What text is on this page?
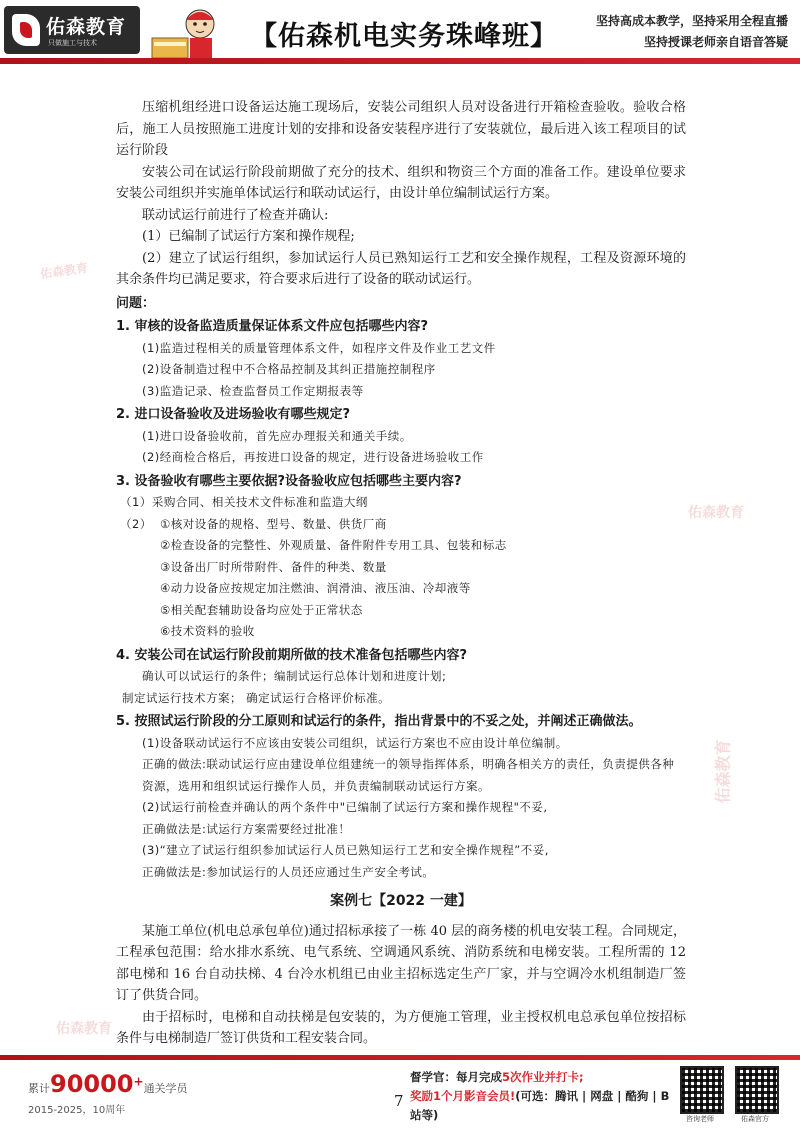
佑森教育
只做施工与技术	【佑森机电实务珠峰班】	坚持高成本教学，坚持采用全程直播
坚持授课老师亲自语音答疑
佑森教育
佑森教育
佑森教育
佑森教育

压缩机组经进口设备运达施工现场后，安装公司组织人员对设备进行开箱检查验收。验收合格后，施工人员按照施工进度计划的安排和设备安装程序进行了安装就位，最后进入该工程项目的试运行阶段

安装公司在试运行阶段前期做了充分的技术、组织和物资三个方面的准备工作。建设单位要求安装公司组织并实施单体试运行和联动试运行，由设计单位编制试运行方案。

联动试运行前进行了检查并确认:

(1）已编制了试运行方案和操作规程;

(2）建立了试运行组织，参加试运行人员已熟知运行工艺和安全操作规程，工程及资源环境的其余条件均已满足要求，符合要求后进行了设备的联动试运行。

问题：

1. 审核的设备监造质量保证体系文件应包括哪些内容?

(1)监造过程相关的质量管理体系文件，如程序文件及作业工艺文件

(2)设备制造过程中不合格品控制及其纠正措施控制程序

(3)监造记录、检查监督员工作定期报表等

2. 进口设备验收及进场验收有哪些规定?

(1)进口设备验收前，首先应办理报关和通关手续。

(2)经商检合格后，再按进口设备的规定，进行设备进场验收工作

3. 设备验收有哪些主要依据?设备验收应包括哪些主要内容?

（1）采购合同、相关技术文件标准和监造大纲

（2） ①核对设备的规格、型号、数量、供货厂商

②检查设备的完整性、外观质量、备件附件专用工具、包装和标志

③设备出厂时所带附件、备件的种类、数量

④动力设备应按规定加注燃油、润滑油、液压油、冷却液等

⑤相关配套辅助设备均应处于正常状态

⑥技术资料的验收

4. 安装公司在试运行阶段前期所做的技术准备包括哪些内容?

确认可以试运行的条件；编制试运行总体计划和进度计划;

制定试运行技术方案； 确定试运行合格评价标准。

5. 按照试运行阶段的分工原则和试运行的条件，指出背景中的不妥之处，并阐述正确做法。

(1)设备联动试运行不应该由安装公司组织，试运行方案也不应由设计单位编制。

正确的做法:联动试运行应由建设单位组建统一的领导指挥体系，明确各相关方的责任，负责提供各种资源，选用和组织试运行操作人员，并负责编制联动试运行方案。

(2)试运行前检查并确认的两个条件中"已编制了试运行方案和操作规程"不妥,

正确做法是:试运行方案需要经过批准！

(3)“建立了试运行组织参加试运行人员已熟知运行工艺和安全操作规程”不妥,

正确做法是:参加试运行的人员还应通过生产安全考试。

案例七【2022 一建】

某施工单位(机电总承包单位)通过招标承接了一栋 40 层的商务楼的机电安装工程。合同规定，工程承包范围：给水排水系统、电气系统、空调通风系统、消防系统和电梯安装。工程所需的 12 部电梯和 16 台自动扶梯、4 台冷水机组已由业主招标选定生产厂家，并与空调冷水机组制造厂签订了供货合同。

由于招标时，电梯和自动扶梯是包安装的，为方便施工管理，业主授权机电总承包单位按招标条件与电梯制造厂签订供货和工程安装合同。

累计90000+通关学员
2015-2025，10周年
7
督学官：每月完成5次作业并打卡;
奖励1个月影音会员!(可选：腾讯 | 网盘 | 酷狗 | B站等)	咨询老师	佑森官方
